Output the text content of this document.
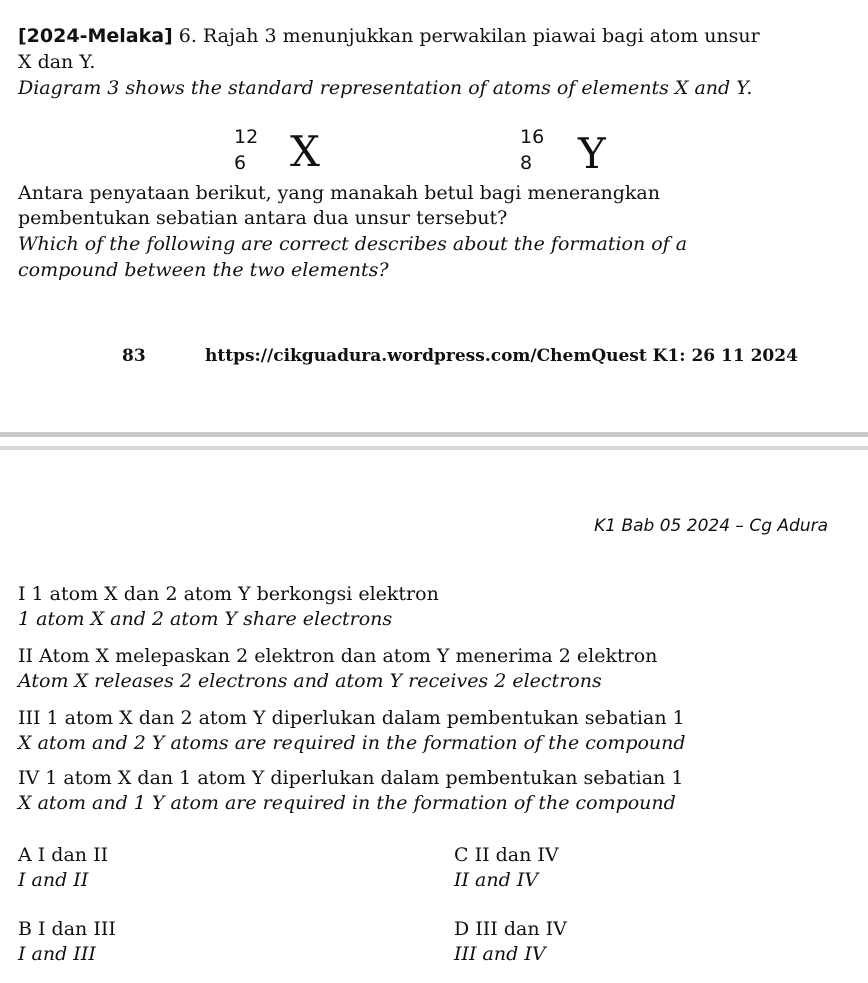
[2024-Melaka] 6. Rajah 3 menunjukkan perwakilan piawai bagi atom unsur
X dan Y.
Diagram 3 shows the standard representation of atoms of elements X and Y.
12
6 X	16
8 Y
Antara penyataan berikut, yang manakah betul bagi menerangkan
pembentukan sebatian antara dua unsur tersebut?
Which of the following are correct describes about the formation of a
compound between the two elements?
83	https://cikguadura.wordpress.com/ChemQuest K1: 26 11 2024
K1 Bab 05 2024 – Cg Adura
I 1 atom X dan 2 atom Y berkongsi elektron
1 atom X and 2 atom Y share electrons
II Atom X melepaskan 2 elektron dan atom Y menerima 2 elektron
Atom X releases 2 electrons and atom Y receives 2 electrons
III 1 atom X dan 2 atom Y diperlukan dalam pembentukan sebatian 1
X atom and 2 Y atoms are required in the formation of the compound
IV 1 atom X dan 1 atom Y diperlukan dalam pembentukan sebatian 1
X atom and 1 Y atom are required in the formation of the compound
A I dan II
I and II
C II dan IV
II and IV
B I dan III
I and III
D III dan IV
III and IV
